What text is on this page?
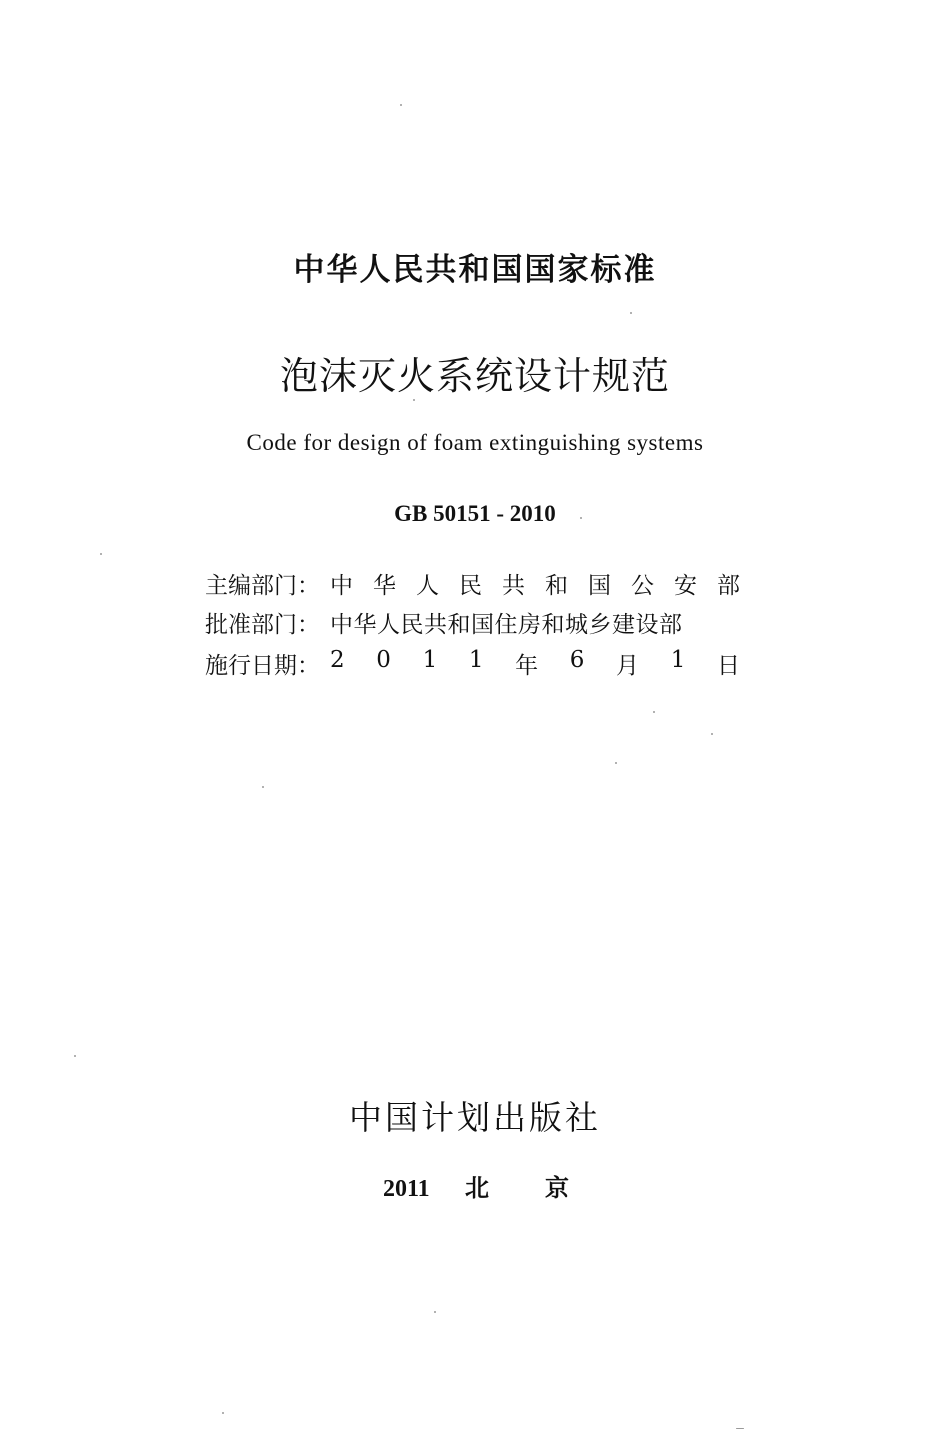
中华人民共和国国家标准
泡沫灭火系统设计规范
Code for design of foam extinguishing systems
GB 50151 - 2010
主编部门： 中 华 人 民 共 和 国 公 安 部
批准部门： 中华人民共和国住房和城乡建设部
施行日期： 2 0 1 1 年 6 月 1 日
中国计划出版社
2011 北京
